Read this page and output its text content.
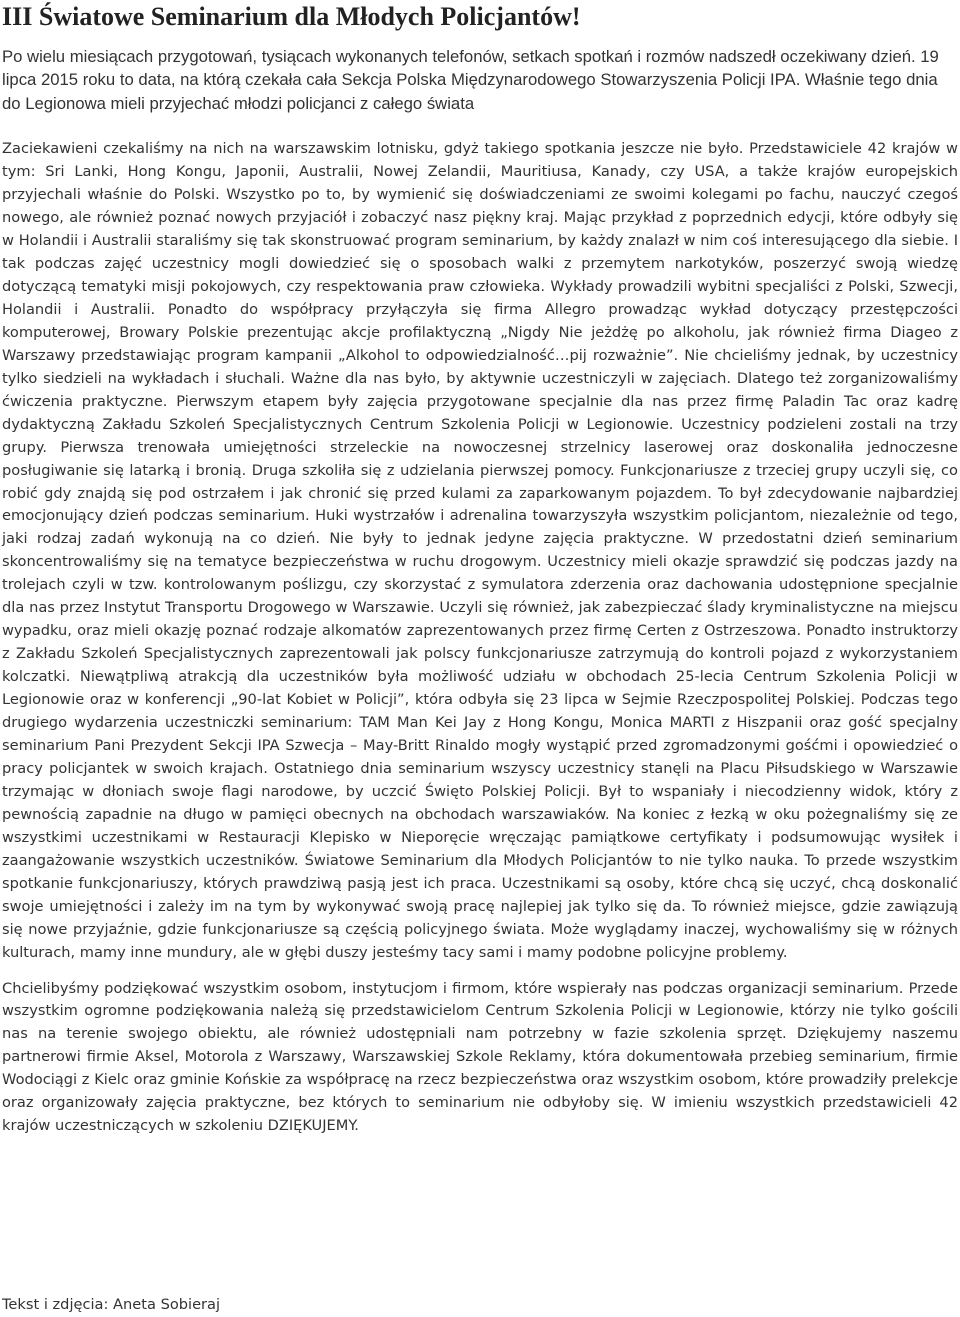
III Światowe Seminarium dla Młodych Policjantów!

Po wielu miesiącach przygotowań, tysiącach wykonanych telefonów, setkach spotkań i rozmów nadszedł oczekiwany dzień. 19 lipca 2015 roku to data, na którą czekała cała Sekcja Polska Międzynarodowego Stowarzyszenia Policji IPA. Właśnie tego dnia do Legionowa mieli przyjechać młodzi policjanci z całego świata

Zaciekawieni czekaliśmy na nich na warszawskim lotnisku, gdyż takiego spotkania jeszcze nie było. Przedstawiciele 42 krajów w tym: Sri Lanki, Hong Kongu, Japonii, Australii, Nowej Zelandii, Mauritiusa, Kanady, czy USA, a także krajów europejskich przyjechali właśnie do Polski. Wszystko po to, by wymienić się doświadczeniami ze swoimi kolegami po fachu, nauczyć czegoś nowego, ale również poznać nowych przyjaciół i zobaczyć nasz piękny kraj. Mając przykład z poprzednich edycji, które odbyły się w Holandii i Australii staraliśmy się tak skonstruować program seminarium, by każdy znalazł w nim coś interesującego dla siebie. I tak podczas zajęć uczestnicy mogli dowiedzieć się o sposobach walki z przemytem narkotyków, poszerzyć swoją wiedzę dotyczącą tematyki misji pokojowych, czy respektowania praw człowieka. Wykłady prowadzili wybitni specjaliści z Polski, Szwecji, Holandii i Australii. Ponadto do współpracy przyłączyła się firma Allegro prowadząc wykład dotyczący przestępczości komputerowej, Browary Polskie prezentując akcje profilaktyczną „Nigdy Nie jeżdżę po alkoholu, jak również firma Diageo z Warszawy przedstawiając program kampanii „Alkohol to odpowiedzialność…pij rozważnie”. Nie chcieliśmy jednak, by uczestnicy tylko siedzieli na wykładach i słuchali. Ważne dla nas było, by aktywnie uczestniczyli w zajęciach. Dlatego też zorganizowaliśmy ćwiczenia praktyczne. Pierwszym etapem były zajęcia przygotowane specjalnie dla nas przez firmę Paladin Tac oraz kadrę dydaktyczną Zakładu Szkoleń Specjalistycznych Centrum Szkolenia Policji w Legionowie. Uczestnicy podzieleni zostali na trzy grupy. Pierwsza trenowała umiejętności strzeleckie na nowoczesnej strzelnicy laserowej oraz doskonaliła jednoczesne posługiwanie się latarką i bronią. Druga szkoliła się z udzielania pierwszej pomocy. Funkcjonariusze z trzeciej grupy uczyli się, co robić gdy znajdą się pod ostrzałem i jak chronić się przed kulami za zaparkowanym pojazdem. To był zdecydowanie najbardziej emocjonujący dzień podczas seminarium. Huki wystrzałów i adrenalina towarzyszyła wszystkim policjantom, niezależnie od tego, jaki rodzaj zadań wykonują na co dzień. Nie były to jednak jedyne zajęcia praktyczne. W przedostatni dzień seminarium skoncentrowaliśmy się na tematyce bezpieczeństwa w ruchu drogowym. Uczestnicy mieli okazje sprawdzić się podczas jazdy na trolejach czyli w tzw. kontrolowanym poślizgu, czy skorzystać z symulatora zderzenia oraz dachowania udostępnione specjalnie dla nas przez Instytut Transportu Drogowego w Warszawie. Uczyli się również, jak zabezpieczać ślady kryminalistyczne na miejscu wypadku, oraz mieli okazję poznać rodzaje alkomatów zaprezentowanych przez firmę Certen z Ostrzeszowa. Ponadto instruktorzy z Zakładu Szkoleń Specjalistycznych zaprezentowali jak polscy funkcjonariusze zatrzymują do kontroli pojazd z wykorzystaniem kolczatki. Niewątpliwą atrakcją dla uczestników była możliwość udziału w obchodach 25-lecia Centrum Szkolenia Policji w Legionowie oraz w konferencji „90-lat Kobiet w Policji”, która odbyła się 23 lipca w Sejmie Rzeczpospolitej Polskiej. Podczas tego drugiego wydarzenia uczestniczki seminarium: TAM Man Kei Jay z Hong Kongu, Monica MARTI z Hiszpanii oraz gość specjalny seminarium Pani Prezydent Sekcji IPA Szwecja – May-Britt Rinaldo mogły wystąpić przed zgromadzonymi gośćmi i opowiedzieć o pracy policjantek w swoich krajach. Ostatniego dnia seminarium wszyscy uczestnicy stanęli na Placu Piłsudskiego w Warszawie trzymając w dłoniach swoje flagi narodowe, by uczcić Święto Polskiej Policji. Był to wspaniały i niecodzienny widok, który z pewnością zapadnie na długo w pamięci obecnych na obchodach warszawiaków. Na koniec z łezką w oku pożegnaliśmy się ze wszystkimi uczestnikami w Restauracji Klepisko w Nieporęcie wręczając pamiątkowe certyfikaty i podsumowując wysiłek i zaangażowanie wszystkich uczestników. Światowe Seminarium dla Młodych Policjantów to nie tylko nauka. To przede wszystkim spotkanie funkcjonariuszy, których prawdziwą pasją jest ich praca. Uczestnikami są osoby, które chcą się uczyć, chcą doskonalić swoje umiejętności i zależy im na tym by wykonywać swoją pracę najlepiej jak tylko się da. To również miejsce, gdzie zawiązują się nowe przyjaźnie, gdzie funkcjonariusze są częścią policyjnego świata. Może wyglądamy inaczej, wychowaliśmy się w różnych kulturach, mamy inne mundury, ale w głębi duszy jesteśmy tacy sami i mamy podobne policyjne problemy.

Chcielibyśmy podziękować wszystkim osobom, instytucjom i firmom, które wspierały nas podczas organizacji seminarium. Przede wszystkim ogromne podziękowania należą się przedstawicielom Centrum Szkolenia Policji w Legionowie, którzy nie tylko gościli nas na terenie swojego obiektu, ale również udostępniali nam potrzebny w fazie szkolenia sprzęt. Dziękujemy naszemu partnerowi firmie Aksel, Motorola z Warszawy, Warszawskiej Szkole Reklamy, która dokumentowała przebieg seminarium, firmie Wodociągi z Kielc oraz gminie Końskie za współpracę na rzecz bezpieczeństwa oraz wszystkim osobom, które prowadziły prelekcje oraz organizowały zajęcia praktyczne, bez których to seminarium nie odbyłoby się. W imieniu wszystkich przedstawicieli 42 krajów uczestniczących w szkoleniu DZIĘKUJEMY.

Tekst i zdjęcia: Aneta Sobieraj
